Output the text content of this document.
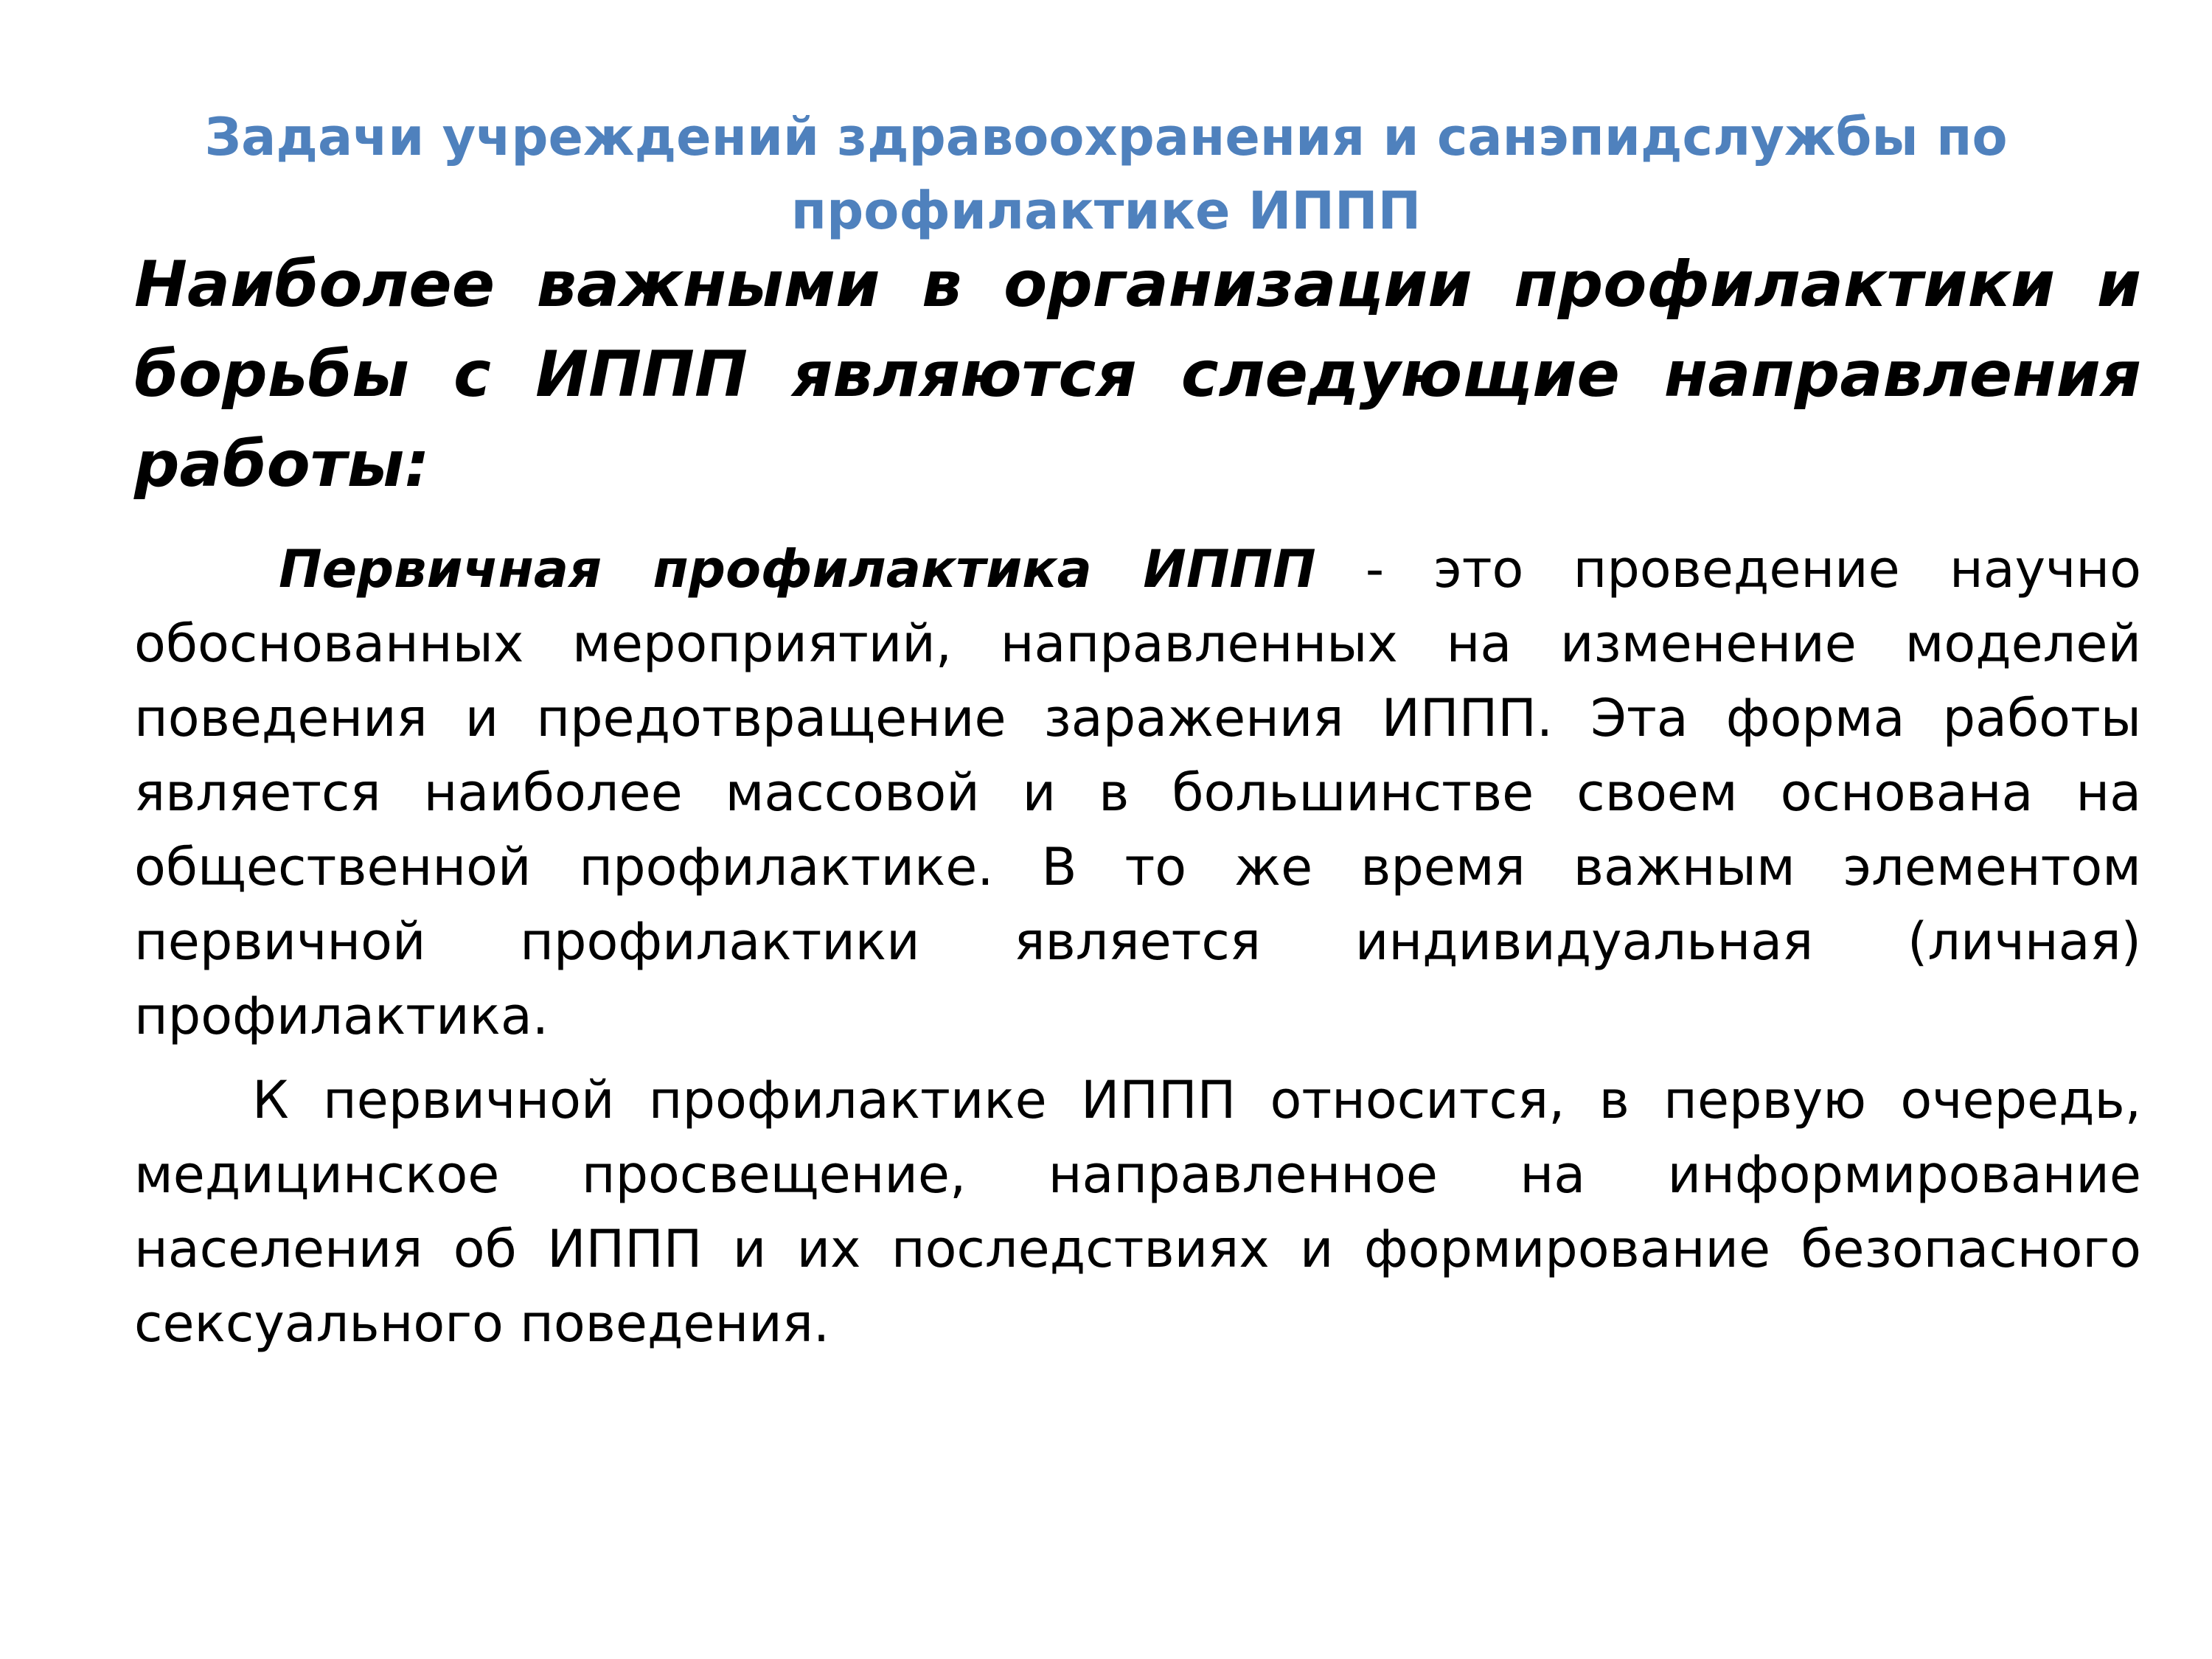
Задачи учреждений здравоохранения и санэпидслужбы по профилактике ИППП

Наиболее важными в организации профилактики и борьбы с ИППП являются следующие направления работы:

Первичная профилактика ИППП - это проведение научно обоснованных мероприятий, направленных на изменение моделей поведения и предотвращение заражения ИППП. Эта форма работы является наиболее массовой и в большинстве своем основана на общественной профилактике. В то же время важным элементом первичной профилактики является индивидуальная (личная) профилактика.

К первичной профилактике ИППП относится, в первую очередь, медицинское просвещение, направленное на информирование населения об ИППП и их последствиях и формирование безопасного сексуального поведения.
